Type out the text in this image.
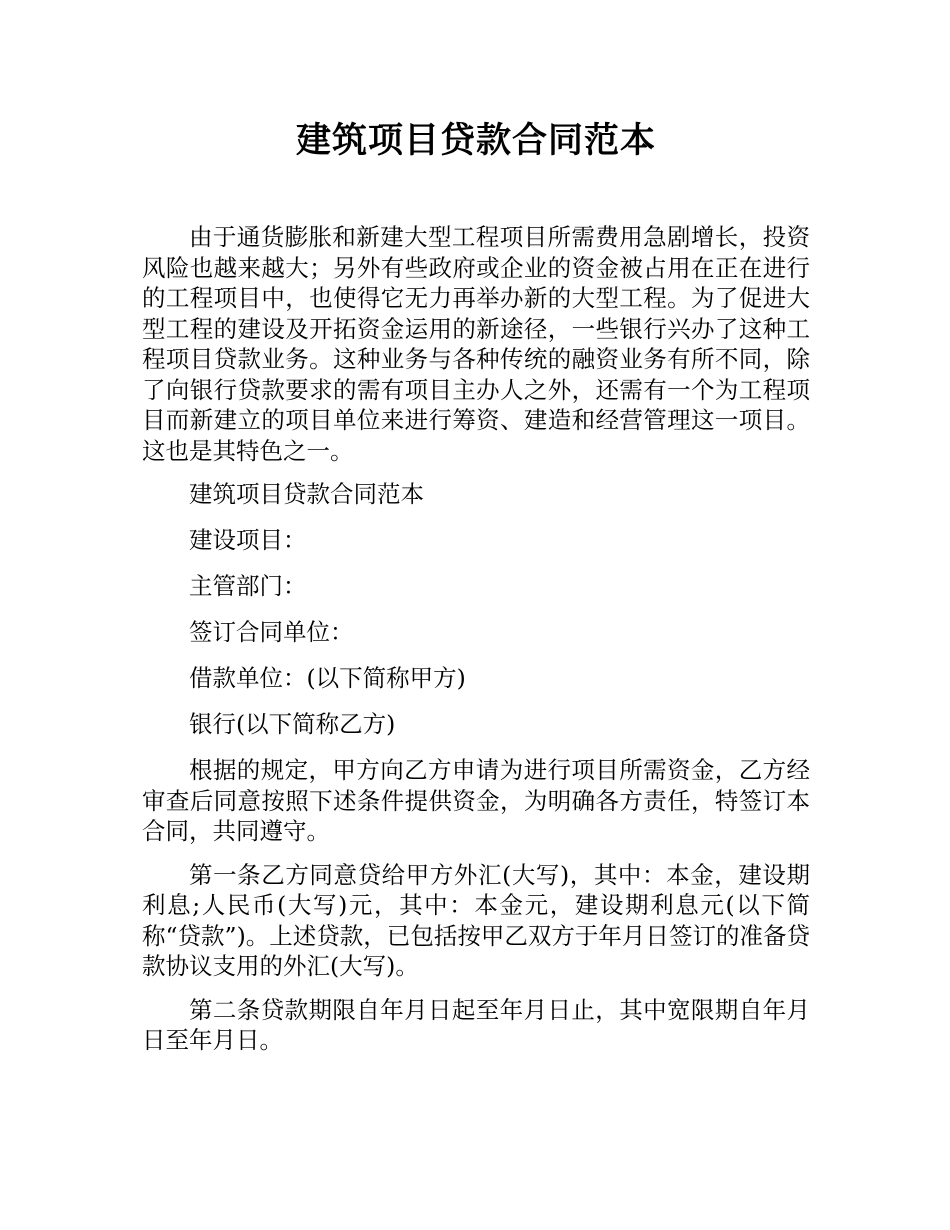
建筑项目贷款合同范本

由于通货膨胀和新建大型工程项目所需费用急剧增长，投资风险也越来越大；另外有些政府或企业的资金被占用在正在进行的工程项目中，也使得它无力再举办新的大型工程。为了促进大型工程的建设及开拓资金运用的新途径，一些银行兴办了这种工程项目贷款业务。这种业务与各种传统的融资业务有所不同，除了向银行贷款要求的需有项目主办人之外，还需有一个为工程项目而新建立的项目单位来进行筹资、建造和经营管理这一项目。这也是其特色之一。

建筑项目贷款合同范本

建设项目：

主管部门：

签订合同单位：

借款单位：(以下简称甲方)

银行(以下简称乙方)

根据的规定，甲方向乙方申请为进行项目所需资金，乙方经审查后同意按照下述条件提供资金，为明确各方责任，特签订本合同，共同遵守。

第一条乙方同意贷给甲方外汇(大写)，其中：本金，建设期利息;人民币(大写)元，其中：本金元，建设期利息元(以下简称“贷款”)。上述贷款，已包括按甲乙双方于年月日签订的准备贷款协议支用的外汇(大写)。

第二条贷款期限自年月日起至年月日止，其中宽限期自年月日至年月日。
